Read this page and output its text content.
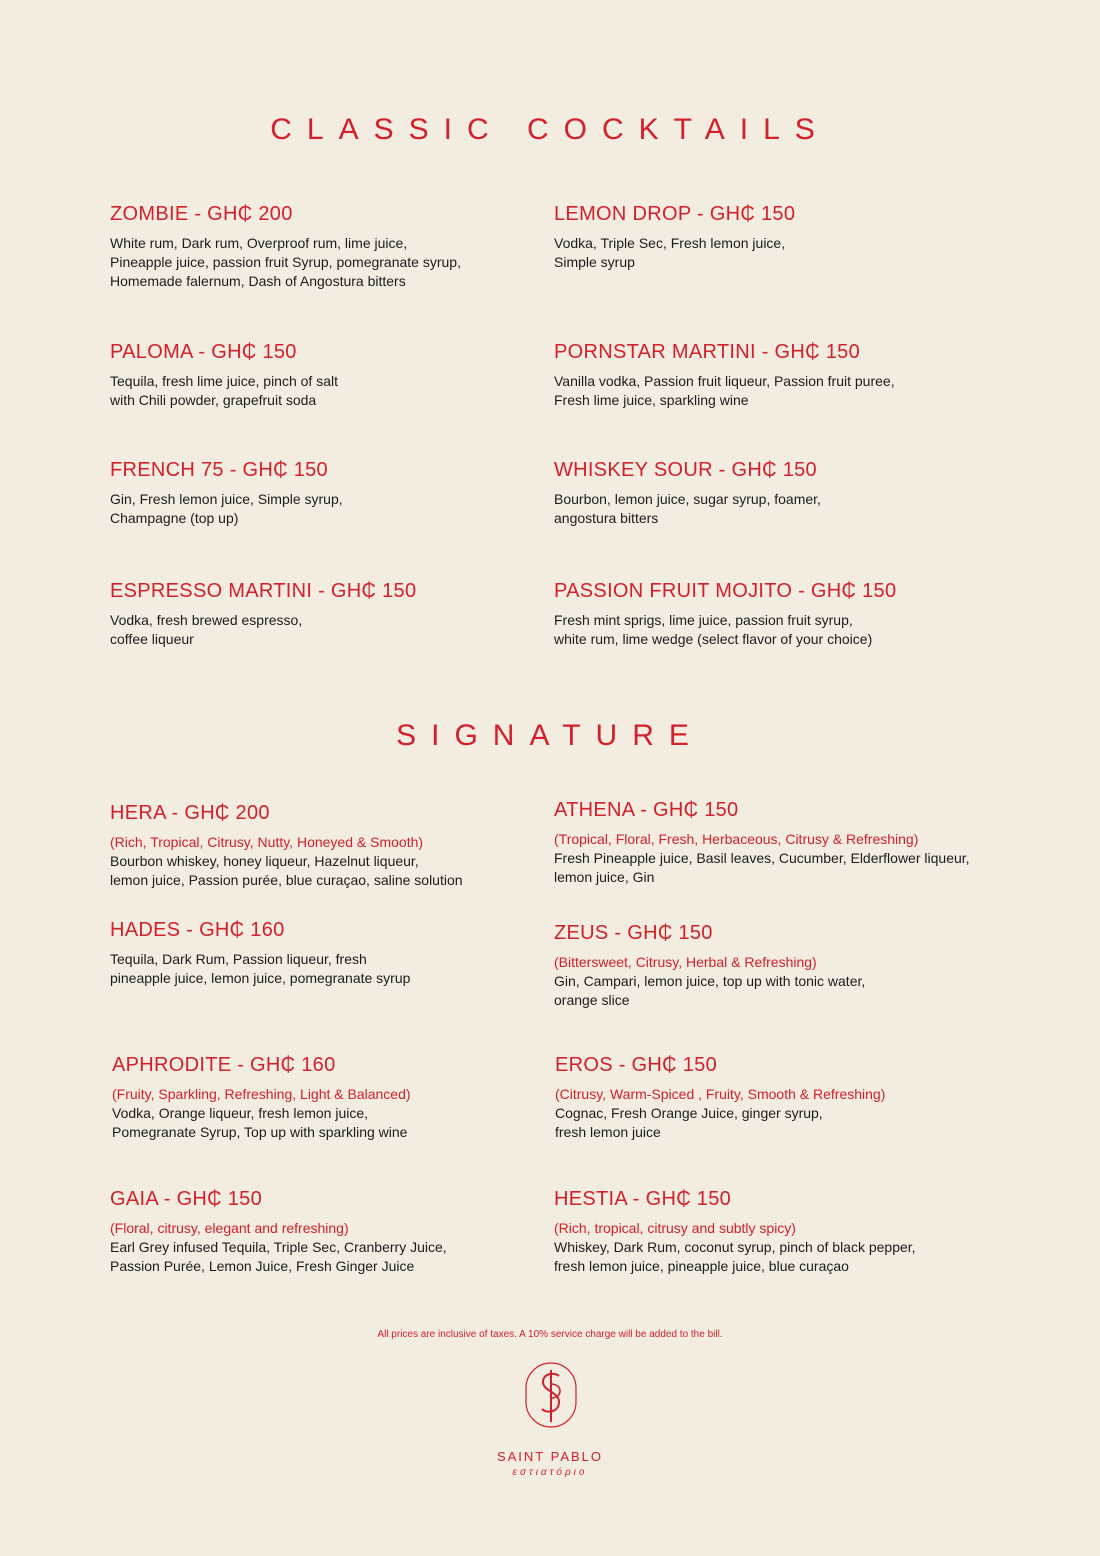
CLASSIC COCKTAILS

ZOMBIE - GH₵ 200

White rum, Dark rum, Overproof rum, lime juice,

Pineapple juice, passion fruit Syrup, pomegranate syrup,

Homemade falernum, Dash of Angostura bitters

LEMON DROP - GH₵ 150

Vodka, Triple Sec, Fresh lemon juice,

Simple syrup

PALOMA - GH₵ 150

Tequila, fresh lime juice, pinch of salt

with Chili powder, grapefruit soda

PORNSTAR MARTINI - GH₵ 150

Vanilla vodka, Passion fruit liqueur, Passion fruit puree,

Fresh lime juice, sparkling wine

FRENCH 75 - GH₵ 150

Gin, Fresh lemon juice, Simple syrup,

Champagne (top up)

WHISKEY SOUR - GH₵ 150

Bourbon, lemon juice, sugar syrup, foamer,

angostura bitters

ESPRESSO MARTINI - GH₵ 150

Vodka, fresh brewed espresso,

coffee liqueur

PASSION FRUIT MOJITO - GH₵ 150

Fresh mint sprigs, lime juice, passion fruit syrup,

white rum, lime wedge (select flavor of your choice)

SIGNATURE

HERA - GH₵ 200

(Rich, Tropical, Citrusy, Nutty, Honeyed & Smooth)

Bourbon whiskey, honey liqueur, Hazelnut liqueur,

lemon juice, Passion purée, blue curaçao, saline solution

ATHENA - GH₵ 150

(Tropical, Floral, Fresh, Herbaceous, Citrusy & Refreshing)

Fresh Pineapple juice, Basil leaves, Cucumber, Elderflower liqueur,

lemon juice, Gin

HADES - GH₵ 160

Tequila, Dark Rum, Passion liqueur, fresh

pineapple juice, lemon juice, pomegranate syrup

ZEUS - GH₵ 150

(Bittersweet, Citrusy, Herbal & Refreshing)

Gin, Campari, lemon juice, top up with tonic water,

orange slice

APHRODITE - GH₵ 160

(Fruity, Sparkling, Refreshing, Light & Balanced)

Vodka, Orange liqueur, fresh lemon juice,

Pomegranate Syrup, Top up with sparkling wine

EROS - GH₵ 150

(Citrusy, Warm-Spiced , Fruity, Smooth & Refreshing)

Cognac, Fresh Orange Juice, ginger syrup,

fresh lemon juice

GAIA - GH₵ 150

(Floral, citrusy, elegant and refreshing)

Earl Grey infused Tequila, Triple Sec, Cranberry Juice,

Passion Purée, Lemon Juice, Fresh Ginger Juice

HESTIA - GH₵ 150

(Rich, tropical, citrusy and subtly spicy)

Whiskey, Dark Rum, coconut syrup, pinch of black pepper,

fresh lemon juice, pineapple juice, blue curaçao

All prices are inclusive of taxes. A 10% service charge will be added to the bill.

SAINT PABLO

εστιατόριο
